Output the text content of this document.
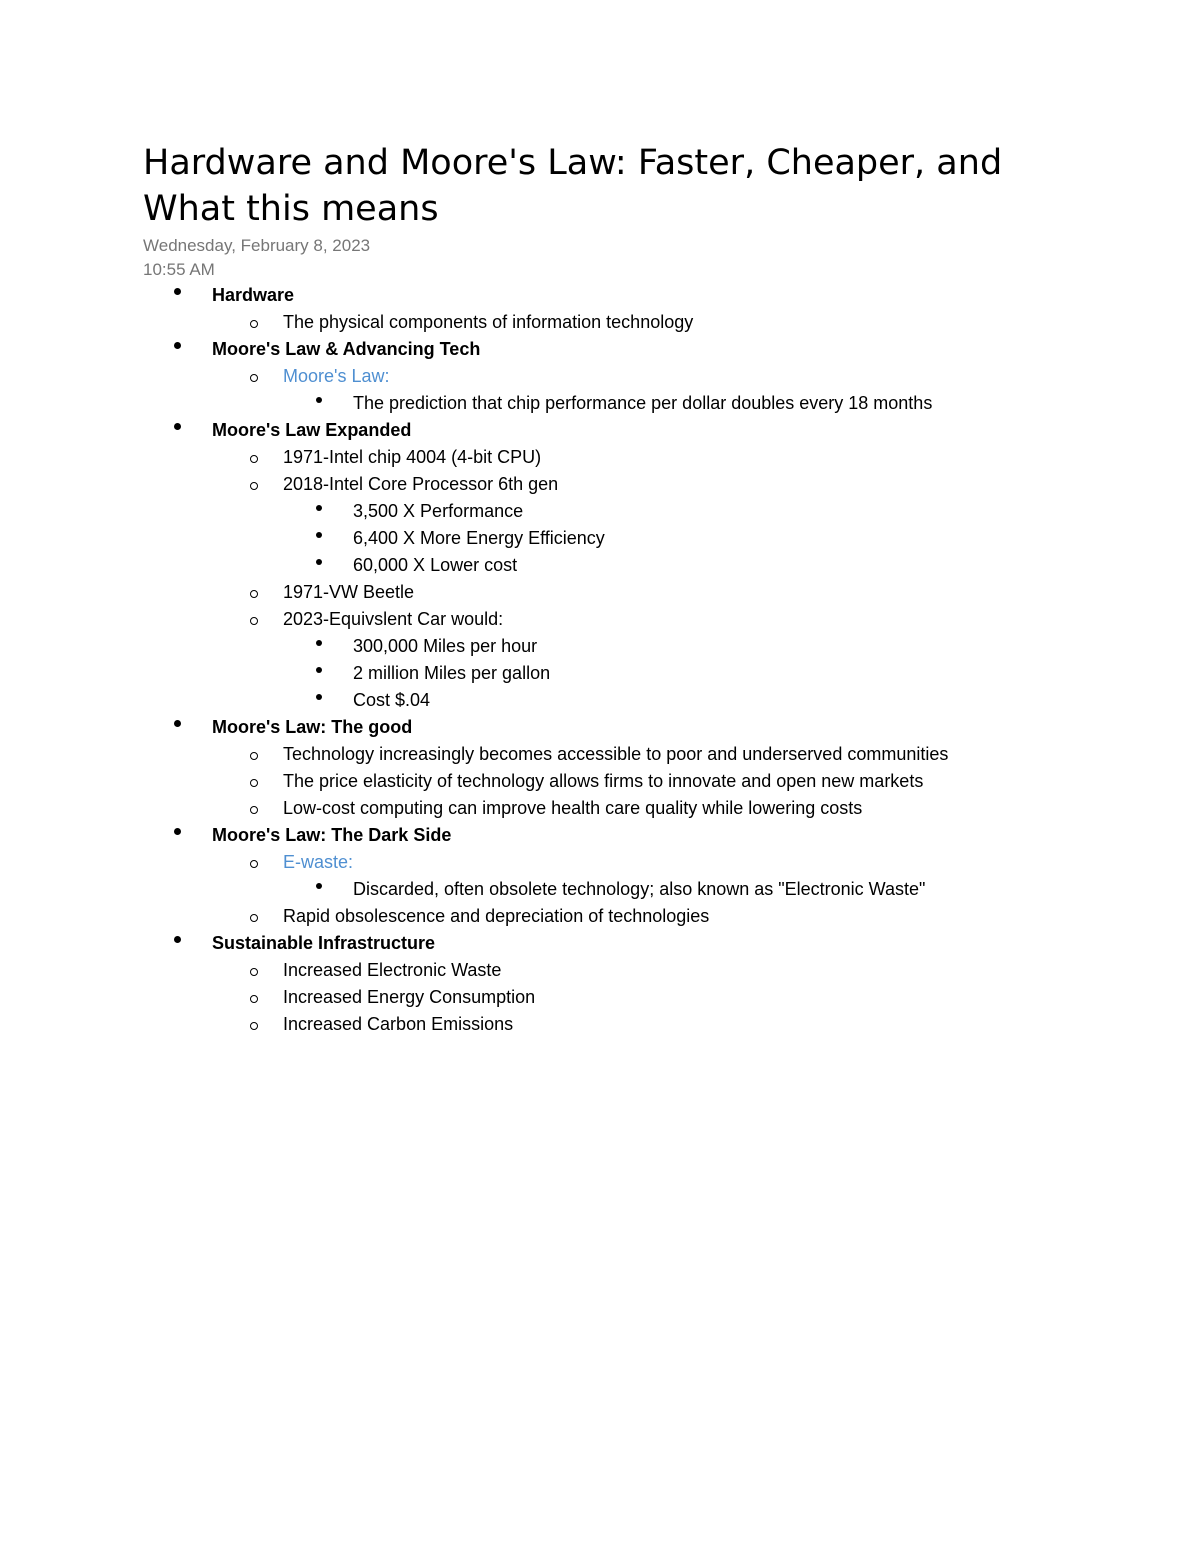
Hardware and Moore's Law: Faster, Cheaper, and What this means
Wednesday, February 8, 2023
10:55 AM
Hardware
The physical components of information technology
Moore's Law & Advancing Tech
Moore's Law:
The prediction that chip performance per dollar doubles every 18 months
Moore's Law Expanded
1971-Intel chip 4004 (4-bit CPU)
2018-Intel Core Processor 6th gen
3,500 X Performance
6,400 X More Energy Efficiency
60,000 X Lower cost
1971-VW Beetle
2023-Equivslent Car would:
300,000 Miles per hour
2 million Miles per gallon
Cost $.04
Moore's Law: The good
Technology increasingly becomes accessible to poor and underserved communities
The price elasticity of technology allows firms to innovate and open new markets
Low-cost computing can improve health care quality while lowering costs
Moore's Law: The Dark Side
E-waste:
Discarded, often obsolete technology; also known as "Electronic Waste"
Rapid obsolescence and depreciation of technologies
Sustainable Infrastructure
Increased Electronic Waste
Increased Energy Consumption
Increased Carbon Emissions
